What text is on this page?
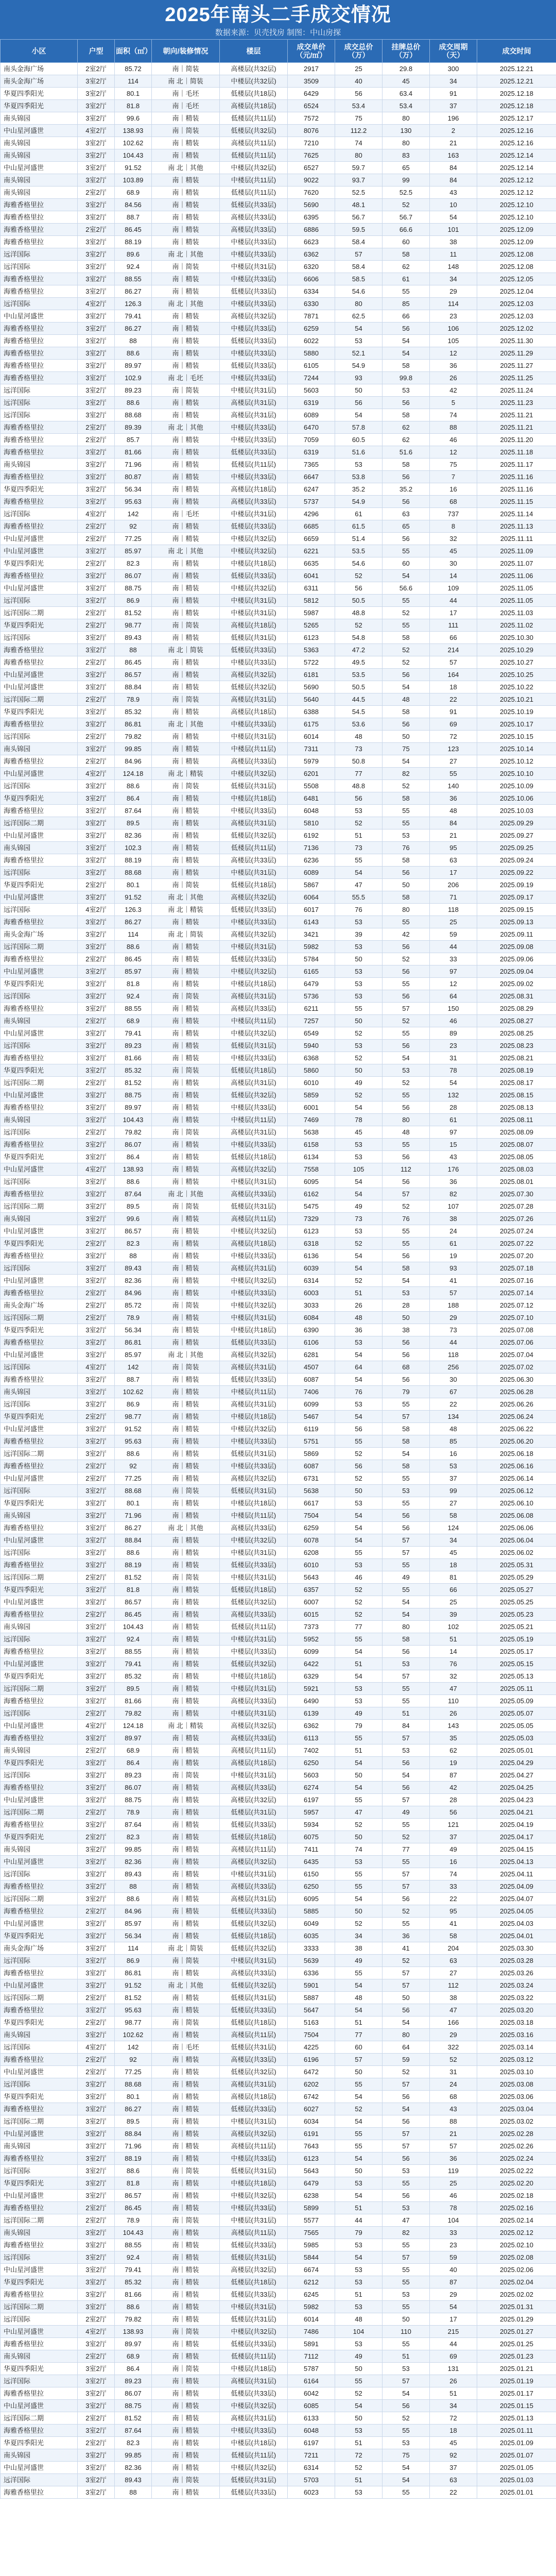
2025年南头二手成交情况
数据来源：贝壳找房 制图：中山房探
小区	户型	面积（㎡）	朝向/装修情况	楼层	成交单价（元/㎡）	成交总价（万）	挂牌总价（万）	成交周期（天）	成交时间
南头金海广场	2室2厅	85.72	南｜简装	高楼层(共32层)	2917	25	29.8	300	2025.12.21
南头金海广场	3室2厅	114	南 北｜简装	中楼层(共32层)	3509	40	45	34	2025.12.21
华夏四季阳光	3室2厅	80.1	南｜毛坯	低楼层(共18层)	6429	56	63.4	91	2025.12.18
华夏四季阳光	3室2厅	81.8	南｜毛坯	高楼层(共18层)	6524	53.4	53.4	37	2025.12.18
南头锦园	3室2厅	99.6	南｜精装	低楼层(共11层)	7572	75	80	196	2025.12.17
中山星河盛世	4室2厅	138.93	南｜简装	低楼层(共32层)	8076	112.2	130	2	2025.12.16
南头锦园	3室2厅	102.62	南｜精装	高楼层(共11层)	7210	74	80	21	2025.12.16
南头锦园	3室2厅	104.43	南｜精装	低楼层(共11层)	7625	80	83	163	2025.12.14
中山星河盛世	3室2厅	91.52	南 北｜其他	中楼层(共32层)	6527	59.7	65	84	2025.12.14
南头锦园	3室2厅	103.89	南｜精装	中楼层(共11层)	9022	93.7	99	84	2025.12.12
南头锦园	2室2厅	68.9	南｜精装	低楼层(共11层)	7620	52.5	52.5	43	2025.12.12
海雅香格里拉	3室2厅	84.56	南｜精装	低楼层(共33层)	5690	48.1	52	10	2025.12.10
海雅香格里拉	3室2厅	88.7	南｜精装	高楼层(共33层)	6395	56.7	56.7	54	2025.12.10
海雅香格里拉	2室2厅	86.45	南｜精装	高楼层(共33层)	6886	59.5	66.6	101	2025.12.09
海雅香格里拉	3室2厅	88.19	南｜精装	中楼层(共33层)	6623	58.4	60	38	2025.12.09
远洋国际	3室2厅	89.6	南 北｜其他	中楼层(共33层)	6362	57	58	11	2025.12.08
远洋国际	3室2厅	92.4	南｜简装	中楼层(共31层)	6320	58.4	62	148	2025.12.08
海雅香格里拉	3室2厅	88.55	南｜精装	中楼层(共33层)	6606	58.5	61	34	2025.12.05
海雅香格里拉	3室2厅	86.27	南｜精装	低楼层(共33层)	6334	54.6	55	29	2025.12.04
远洋国际	4室2厅	126.3	南 北｜其他	中楼层(共33层)	6330	80	85	114	2025.12.03
中山星河盛世	3室2厅	79.41	南｜精装	高楼层(共32层)	7871	62.5	66	23	2025.12.03
海雅香格里拉	3室2厅	86.27	南｜精装	中楼层(共33层)	6259	54	56	106	2025.12.02
海雅香格里拉	3室2厅	88	南｜精装	低楼层(共33层)	6022	53	54	105	2025.11.30
海雅香格里拉	3室2厅	88.6	南｜精装	中楼层(共33层)	5880	52.1	54	12	2025.11.29
海雅香格里拉	3室2厅	89.97	南｜精装	低楼层(共33层)	6105	54.9	58	36	2025.11.27
海雅香格里拉	3室2厅	102.9	南 北｜毛坯	中楼层(共33层)	7244	93	99.8	26	2025.11.25
远洋国际	3室2厅	89.23	南｜简装	中楼层(共31层)	5603	50	53	42	2025.11.24
远洋国际	3室2厅	88.6	南｜精装	高楼层(共31层)	6319	56	56	5	2025.11.23
远洋国际	3室2厅	88.68	南｜精装	高楼层(共31层)	6089	54	58	74	2025.11.21
海雅香格里拉	2室2厅	89.39	南 北｜其他	中楼层(共33层)	6470	57.8	62	88	2025.11.21
海雅香格里拉	2室2厅	85.7	南｜精装	中楼层(共33层)	7059	60.5	62	46	2025.11.20
海雅香格里拉	3室2厅	81.66	南｜精装	低楼层(共33层)	6319	51.6	51.6	12	2025.11.18
南头锦园	3室2厅	71.96	南｜精装	低楼层(共11层)	7365	53	58	75	2025.11.17
海雅香格里拉	3室2厅	80.87	南｜精装	中楼层(共33层)	6647	53.8	56	7	2025.11.16
华夏四季阳光	3室2厅	56.34	南｜精装	高楼层(共18层)	6247	35.2	35.2	16	2025.11.16
海雅香格里拉	3室2厅	95.63	南｜精装	高楼层(共33层)	5737	54.9	56	68	2025.11.15
远洋国际	4室2厅	142	南｜毛坯	中楼层(共31层)	4296	61	63	737	2025.11.14
海雅香格里拉	2室2厅	92	南｜精装	低楼层(共33层)	6685	61.5	65	8	2025.11.13
中山星河盛世	2室2厅	77.25	南｜精装	中楼层(共32层)	6659	51.4	56	32	2025.11.11
中山星河盛世	3室2厅	85.97	南 北｜其他	中楼层(共32层)	6221	53.5	55	45	2025.11.09
华夏四季阳光	2室2厅	82.3	南｜精装	中楼层(共18层)	6635	54.6	60	30	2025.11.07
海雅香格里拉	3室2厅	86.07	南｜精装	低楼层(共33层)	6041	52	54	14	2025.11.06
中山星河盛世	3室2厅	88.75	南｜精装	中楼层(共32层)	6311	56	56.6	109	2025.11.05
远洋国际	3室2厅	86.9	南｜精装	中楼层(共31层)	5812	50.5	55	44	2025.11.05
远洋国际二期	2室2厅	81.52	南｜精装	中楼层(共31层)	5987	48.8	52	17	2025.11.03
华夏四季阳光	2室2厅	98.77	南｜简装	高楼层(共18层)	5265	52	55	111	2025.11.02
远洋国际	3室2厅	89.43	南｜精装	低楼层(共31层)	6123	54.8	58	66	2025.10.30
海雅香格里拉	3室2厅	88	南 北｜简装	低楼层(共33层)	5363	47.2	52	214	2025.10.29
海雅香格里拉	2室2厅	86.45	南｜精装	中楼层(共33层)	5722	49.5	52	57	2025.10.27
中山星河盛世	3室2厅	86.57	南｜精装	高楼层(共32层)	6181	53.5	56	164	2025.10.25
中山星河盛世	3室2厅	88.84	南｜精装	低楼层(共32层)	5690	50.5	54	18	2025.10.22
远洋国际二期	2室2厅	78.9	南｜简装	高楼层(共31层)	5640	44.5	48	22	2025.10.21
华夏四季阳光	3室2厅	85.32	南｜精装	高楼层(共18层)	6388	54.5	58	91	2025.10.19
海雅香格里拉	3室2厅	86.81	南 北｜其他	中楼层(共33层)	6175	53.6	56	69	2025.10.17
远洋国际	2室2厅	79.82	南｜精装	中楼层(共31层)	6014	48	50	72	2025.10.15
南头锦园	3室2厅	99.85	南｜精装	中楼层(共11层)	7311	73	75	123	2025.10.14
海雅香格里拉	2室2厅	84.96	南｜精装	高楼层(共33层)	5979	50.8	54	27	2025.10.12
中山星河盛世	4室2厅	124.18	南 北｜精装	中楼层(共32层)	6201	77	82	55	2025.10.10
远洋国际	3室2厅	88.6	南｜简装	低楼层(共31层)	5508	48.8	52	140	2025.10.09
华夏四季阳光	3室2厅	86.4	南｜精装	中楼层(共18层)	6481	56	58	36	2025.10.06
海雅香格里拉	3室2厅	87.64	南｜精装	中楼层(共33层)	6048	53	55	48	2025.10.03
远洋国际二期	3室2厅	89.5	南｜精装	高楼层(共31层)	5810	52	55	84	2025.09.29
中山星河盛世	3室2厅	82.36	南｜精装	低楼层(共32层)	6192	51	53	21	2025.09.27
南头锦园	3室2厅	102.3	南｜精装	低楼层(共11层)	7136	73	76	95	2025.09.25
海雅香格里拉	3室2厅	88.19	南｜精装	高楼层(共33层)	6236	55	58	63	2025.09.24
远洋国际	3室2厅	88.68	南｜精装	中楼层(共31层)	6089	54	56	17	2025.09.22
华夏四季阳光	2室2厅	80.1	南｜简装	低楼层(共18层)	5867	47	50	206	2025.09.19
中山星河盛世	3室2厅	91.52	南 北｜其他	高楼层(共32层)	6064	55.5	58	71	2025.09.17
远洋国际	4室2厅	126.3	南 北｜精装	低楼层(共33层)	6017	76	80	118	2025.09.15
海雅香格里拉	3室2厅	86.27	南｜精装	中楼层(共33层)	6143	53	55	25	2025.09.13
南头金海广场	3室2厅	114	南 北｜简装	高楼层(共32层)	3421	39	42	59	2025.09.11
远洋国际二期	3室2厅	88.6	南｜精装	中楼层(共31层)	5982	53	56	44	2025.09.08
海雅香格里拉	2室2厅	86.45	南｜精装	低楼层(共33层)	5784	50	52	33	2025.09.06
中山星河盛世	3室2厅	85.97	南｜精装	中楼层(共32层)	6165	53	56	97	2025.09.04
华夏四季阳光	3室2厅	81.8	南｜精装	中楼层(共18层)	6479	53	55	12	2025.09.02
远洋国际	3室2厅	92.4	南｜简装	高楼层(共31层)	5736	53	56	64	2025.08.31
海雅香格里拉	3室2厅	88.55	南｜精装	高楼层(共33层)	6211	55	57	150	2025.08.29
南头锦园	2室2厅	68.9	南｜精装	中楼层(共11层)	7257	50	52	46	2025.08.27
中山星河盛世	3室2厅	79.41	南｜精装	中楼层(共32层)	6549	52	55	89	2025.08.25
远洋国际	3室2厅	89.23	南｜精装	低楼层(共31层)	5940	53	56	23	2025.08.23
海雅香格里拉	3室2厅	81.66	南｜精装	中楼层(共33层)	6368	52	54	31	2025.08.21
华夏四季阳光	3室2厅	85.32	南｜简装	低楼层(共18层)	5860	50	53	78	2025.08.19
远洋国际二期	2室2厅	81.52	南｜精装	高楼层(共31层)	6010	49	52	54	2025.08.17
中山星河盛世	3室2厅	88.75	南｜精装	低楼层(共32层)	5859	52	55	132	2025.08.15
海雅香格里拉	3室2厅	89.97	南｜精装	中楼层(共33层)	6001	54	56	28	2025.08.13
南头锦园	3室2厅	104.43	南｜精装	中楼层(共11层)	7469	78	80	61	2025.08.11
远洋国际	2室2厅	79.82	南｜简装	高楼层(共31层)	5638	45	48	97	2025.08.09
海雅香格里拉	3室2厅	86.07	南｜精装	中楼层(共33层)	6158	53	55	15	2025.08.07
华夏四季阳光	3室2厅	86.4	南｜精装	低楼层(共18层)	6134	53	56	43	2025.08.05
中山星河盛世	4室2厅	138.93	南｜精装	高楼层(共32层)	7558	105	112	176	2025.08.03
远洋国际	3室2厅	88.6	南｜精装	中楼层(共31层)	6095	54	56	36	2025.08.01
海雅香格里拉	3室2厅	87.64	南 北｜其他	高楼层(共33层)	6162	54	57	82	2025.07.30
远洋国际二期	3室2厅	89.5	南｜简装	低楼层(共31层)	5475	49	52	107	2025.07.28
南头锦园	3室2厅	99.6	南｜精装	高楼层(共11层)	7329	73	76	38	2025.07.26
中山星河盛世	3室2厅	86.57	南｜精装	中楼层(共32层)	6123	53	55	24	2025.07.24
华夏四季阳光	2室2厅	82.3	南｜精装	高楼层(共18层)	6318	52	55	61	2025.07.22
海雅香格里拉	3室2厅	88	南｜精装	中楼层(共33层)	6136	54	56	19	2025.07.20
远洋国际	3室2厅	89.43	南｜精装	高楼层(共31层)	6039	54	58	93	2025.07.18
中山星河盛世	3室2厅	82.36	南｜精装	中楼层(共32层)	6314	52	54	41	2025.07.16
海雅香格里拉	2室2厅	84.96	南｜精装	中楼层(共33层)	6003	51	53	57	2025.07.14
南头金海广场	2室2厅	85.72	南｜简装	中楼层(共32层)	3033	26	28	188	2025.07.12
远洋国际二期	2室2厅	78.9	南｜精装	中楼层(共31层)	6084	48	50	29	2025.07.10
华夏四季阳光	3室2厅	56.34	南｜精装	中楼层(共18层)	6390	36	38	73	2025.07.08
海雅香格里拉	3室2厅	86.81	南｜精装	低楼层(共33层)	6106	53	56	44	2025.07.06
中山星河盛世	3室2厅	85.97	南 北｜其他	高楼层(共32层)	6281	54	56	118	2025.07.04
远洋国际	4室2厅	142	南｜简装	高楼层(共31层)	4507	64	68	256	2025.07.02
海雅香格里拉	3室2厅	88.7	南｜精装	低楼层(共33层)	6087	54	56	30	2025.06.30
南头锦园	3室2厅	102.62	南｜精装	中楼层(共11层)	7406	76	79	67	2025.06.28
远洋国际	3室2厅	86.9	南｜精装	高楼层(共31层)	6099	53	55	22	2025.06.26
华夏四季阳光	2室2厅	98.77	南｜精装	中楼层(共18层)	5467	54	57	134	2025.06.24
中山星河盛世	3室2厅	91.52	南｜精装	中楼层(共32层)	6119	56	58	48	2025.06.22
海雅香格里拉	3室2厅	95.63	南｜精装	中楼层(共33层)	5751	55	58	85	2025.06.20
远洋国际二期	3室2厅	88.6	南｜精装	低楼层(共31层)	5869	52	54	16	2025.06.18
海雅香格里拉	2室2厅	92	南｜精装	中楼层(共33层)	6087	56	58	53	2025.06.16
中山星河盛世	2室2厅	77.25	南｜精装	高楼层(共32层)	6731	52	55	37	2025.06.14
远洋国际	3室2厅	88.68	南｜简装	低楼层(共31层)	5638	50	53	99	2025.06.12
华夏四季阳光	3室2厅	80.1	南｜精装	中楼层(共18层)	6617	53	55	27	2025.06.10
南头锦园	3室2厅	71.96	南｜精装	中楼层(共11层)	7504	54	56	58	2025.06.08
海雅香格里拉	3室2厅	86.27	南 北｜其他	高楼层(共33层)	6259	54	56	124	2025.06.06
中山星河盛世	3室2厅	88.84	南｜精装	中楼层(共32层)	6078	54	57	34	2025.06.04
远洋国际	3室2厅	88.6	南｜精装	中楼层(共31层)	6208	55	57	45	2025.06.02
海雅香格里拉	3室2厅	88.19	南｜精装	低楼层(共33层)	6010	53	55	18	2025.05.31
远洋国际二期	2室2厅	81.52	南｜简装	中楼层(共31层)	5643	46	49	81	2025.05.29
华夏四季阳光	3室2厅	81.8	南｜精装	低楼层(共18层)	6357	52	55	66	2025.05.27
中山星河盛世	3室2厅	86.57	南｜精装	低楼层(共32层)	6007	52	54	25	2025.05.25
海雅香格里拉	2室2厅	86.45	南｜精装	高楼层(共33层)	6015	52	54	39	2025.05.23
南头锦园	3室2厅	104.43	南｜精装	低楼层(共11层)	7373	77	80	102	2025.05.21
远洋国际	3室2厅	92.4	南｜精装	中楼层(共31层)	5952	55	58	51	2025.05.19
海雅香格里拉	3室2厅	88.55	南｜精装	中楼层(共33层)	6099	54	56	14	2025.05.17
中山星河盛世	3室2厅	79.41	南｜精装	低楼层(共32层)	6422	51	53	76	2025.05.15
华夏四季阳光	3室2厅	85.32	南｜精装	中楼层(共18层)	6329	54	57	32	2025.05.13
远洋国际二期	3室2厅	89.5	南｜精装	中楼层(共31层)	5921	53	55	47	2025.05.11
海雅香格里拉	3室2厅	81.66	南｜精装	高楼层(共33层)	6490	53	55	110	2025.05.09
远洋国际	2室2厅	79.82	南｜精装	中楼层(共31层)	6139	49	51	26	2025.05.07
中山星河盛世	4室2厅	124.18	南 北｜精装	高楼层(共32层)	6362	79	84	143	2025.05.05
海雅香格里拉	3室2厅	89.97	南｜精装	高楼层(共33层)	6113	55	57	35	2025.05.03
南头锦园	2室2厅	68.9	南｜精装	高楼层(共11层)	7402	51	53	62	2025.05.01
华夏四季阳光	3室2厅	86.4	南｜精装	高楼层(共18层)	6250	54	56	19	2025.04.29
远洋国际	3室2厅	89.23	南｜简装	中楼层(共31层)	5603	50	54	87	2025.04.27
海雅香格里拉	3室2厅	86.07	南｜精装	高楼层(共33层)	6274	54	56	42	2025.04.25
中山星河盛世	3室2厅	88.75	南｜精装	高楼层(共32层)	6197	55	57	28	2025.04.23
远洋国际二期	2室2厅	78.9	南｜精装	低楼层(共31层)	5957	47	49	56	2025.04.21
海雅香格里拉	3室2厅	87.64	南｜精装	低楼层(共33层)	5934	52	55	121	2025.04.19
华夏四季阳光	2室2厅	82.3	南｜精装	低楼层(共18层)	6075	50	52	37	2025.04.17
南头锦园	3室2厅	99.85	南｜精装	高楼层(共11层)	7411	74	77	49	2025.04.15
中山星河盛世	3室2厅	82.36	南｜精装	高楼层(共32层)	6435	53	55	16	2025.04.13
远洋国际	3室2厅	89.43	南｜精装	中楼层(共31层)	6150	55	57	74	2025.04.11
海雅香格里拉	3室2厅	88	南｜精装	高楼层(共33层)	6250	55	57	33	2025.04.09
远洋国际二期	3室2厅	88.6	南｜精装	高楼层(共31层)	6095	54	56	22	2025.04.07
海雅香格里拉	2室2厅	84.96	南｜精装	低楼层(共33层)	5885	50	52	95	2025.04.05
中山星河盛世	3室2厅	85.97	南｜精装	低楼层(共32层)	6049	52	55	41	2025.04.03
华夏四季阳光	3室2厅	56.34	南｜精装	低楼层(共18层)	6035	34	36	58	2025.04.01
南头金海广场	3室2厅	114	南 北｜简装	低楼层(共32层)	3333	38	41	204	2025.03.30
远洋国际	3室2厅	86.9	南｜简装	中楼层(共31层)	5639	49	52	63	2025.03.28
海雅香格里拉	3室2厅	86.81	南｜精装	高楼层(共33层)	6336	55	57	27	2025.03.26
中山星河盛世	3室2厅	91.52	南 北｜其他	低楼层(共32层)	5901	54	57	112	2025.03.24
远洋国际二期	2室2厅	81.52	南｜精装	低楼层(共31层)	5887	48	50	38	2025.03.22
海雅香格里拉	3室2厅	95.63	南｜精装	低楼层(共33层)	5647	54	56	47	2025.03.20
华夏四季阳光	2室2厅	98.77	南｜简装	低楼层(共18层)	5163	51	54	166	2025.03.18
南头锦园	3室2厅	102.62	南｜精装	高楼层(共11层)	7504	77	80	29	2025.03.16
远洋国际	4室2厅	142	南｜毛坯	低楼层(共31层)	4225	60	64	322	2025.03.14
海雅香格里拉	2室2厅	92	南｜精装	高楼层(共33层)	6196	57	59	52	2025.03.12
中山星河盛世	2室2厅	77.25	南｜精装	低楼层(共32层)	6472	50	52	31	2025.03.10
远洋国际	3室2厅	88.68	南｜精装	高楼层(共31层)	6202	55	57	24	2025.03.08
华夏四季阳光	3室2厅	80.1	南｜精装	高楼层(共18层)	6742	54	56	68	2025.03.06
海雅香格里拉	3室2厅	86.27	南｜精装	低楼层(共33层)	6027	52	54	43	2025.03.04
远洋国际二期	3室2厅	89.5	南｜精装	中楼层(共31层)	6034	54	56	88	2025.03.02
中山星河盛世	3室2厅	88.84	南｜精装	高楼层(共32层)	6191	55	57	21	2025.02.28
南头锦园	3室2厅	71.96	南｜精装	高楼层(共11层)	7643	55	57	57	2025.02.26
海雅香格里拉	3室2厅	88.19	南｜精装	中楼层(共33层)	6123	54	56	36	2025.02.24
远洋国际	3室2厅	88.6	南｜简装	低楼层(共31层)	5643	50	53	119	2025.02.22
华夏四季阳光	3室2厅	81.8	南｜精装	中楼层(共18层)	6479	53	55	25	2025.02.20
中山星河盛世	3室2厅	86.57	南｜精装	中楼层(共32层)	6238	54	56	46	2025.02.18
海雅香格里拉	2室2厅	86.45	南｜精装	中楼层(共33层)	5899	51	53	78	2025.02.16
远洋国际二期	2室2厅	78.9	南｜简装	中楼层(共31层)	5577	44	47	104	2025.02.14
南头锦园	3室2厅	104.43	南｜精装	高楼层(共11层)	7565	79	82	33	2025.02.12
海雅香格里拉	3室2厅	88.55	南｜精装	低楼层(共33层)	5985	53	55	23	2025.02.10
远洋国际	3室2厅	92.4	南｜精装	低楼层(共31层)	5844	54	57	59	2025.02.08
中山星河盛世	3室2厅	79.41	南｜精装	高楼层(共32层)	6674	53	55	40	2025.02.06
华夏四季阳光	3室2厅	85.32	南｜精装	低楼层(共18层)	6212	53	55	87	2025.02.04
海雅香格里拉	3室2厅	81.66	南｜精装	低楼层(共33层)	6245	51	53	29	2025.02.02
远洋国际二期	3室2厅	88.6	南｜精装	中楼层(共31层)	5982	53	55	54	2025.01.31
远洋国际	2室2厅	79.82	南｜精装	低楼层(共31层)	6014	48	50	17	2025.01.29
中山星河盛世	4室2厅	138.93	南｜简装	中楼层(共32层)	7486	104	110	215	2025.01.27
海雅香格里拉	3室2厅	89.97	南｜精装	低楼层(共33层)	5891	53	55	44	2025.01.25
南头锦园	2室2厅	68.9	南｜精装	低楼层(共11层)	7112	49	51	69	2025.01.23
华夏四季阳光	3室2厅	86.4	南｜简装	中楼层(共18层)	5787	50	53	131	2025.01.21
远洋国际	3室2厅	89.23	南｜精装	高楼层(共31层)	6164	55	57	26	2025.01.19
海雅香格里拉	3室2厅	86.07	南｜精装	低楼层(共33层)	6042	52	54	51	2025.01.17
中山星河盛世	3室2厅	88.75	南｜精装	中楼层(共32层)	6085	54	56	34	2025.01.15
远洋国际二期	2室2厅	81.52	南｜精装	高楼层(共31层)	6133	50	52	72	2025.01.13
海雅香格里拉	3室2厅	87.64	南｜精装	中楼层(共33层)	6048	53	55	18	2025.01.11
华夏四季阳光	2室2厅	82.3	南｜精装	中楼层(共18层)	6197	51	53	45	2025.01.09
南头锦园	3室2厅	99.85	南｜精装	低楼层(共11层)	7211	72	75	92	2025.01.07
中山星河盛世	3室2厅	82.36	南｜精装	中楼层(共32层)	6314	52	54	37	2025.01.05
远洋国际	3室2厅	89.43	南｜简装	低楼层(共31层)	5703	51	54	63	2025.01.03
海雅香格里拉	3室2厅	88	南｜精装	低楼层(共33层)	6023	53	55	22	2025.01.01
